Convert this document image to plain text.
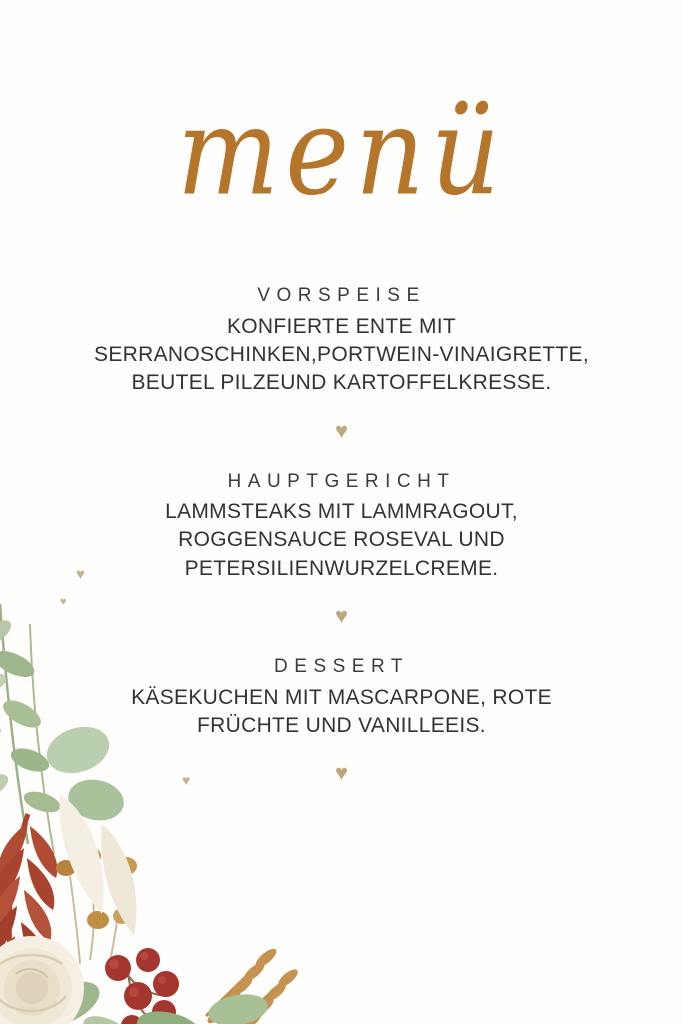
menü
VORSPEISE
KONFIERTE ENTE MIT
SERRANOSCHINKEN,PORTWEIN-VINAIGRETTE,
BEUTEL PILZEUND KARTOFFELKRESSE.
♥
HAUPTGERICHT
LAMMSTEAKS MIT LAMMRAGOUT,
ROGGENSAUCE ROSEVAL UND
PETERSILIENWURZELCREME.
♥
DESSERT
KÄSEKUCHEN MIT MASCARPONE, ROTE
FRÜCHTE UND VANILLEEIS.
♥
♥
♥
♥
